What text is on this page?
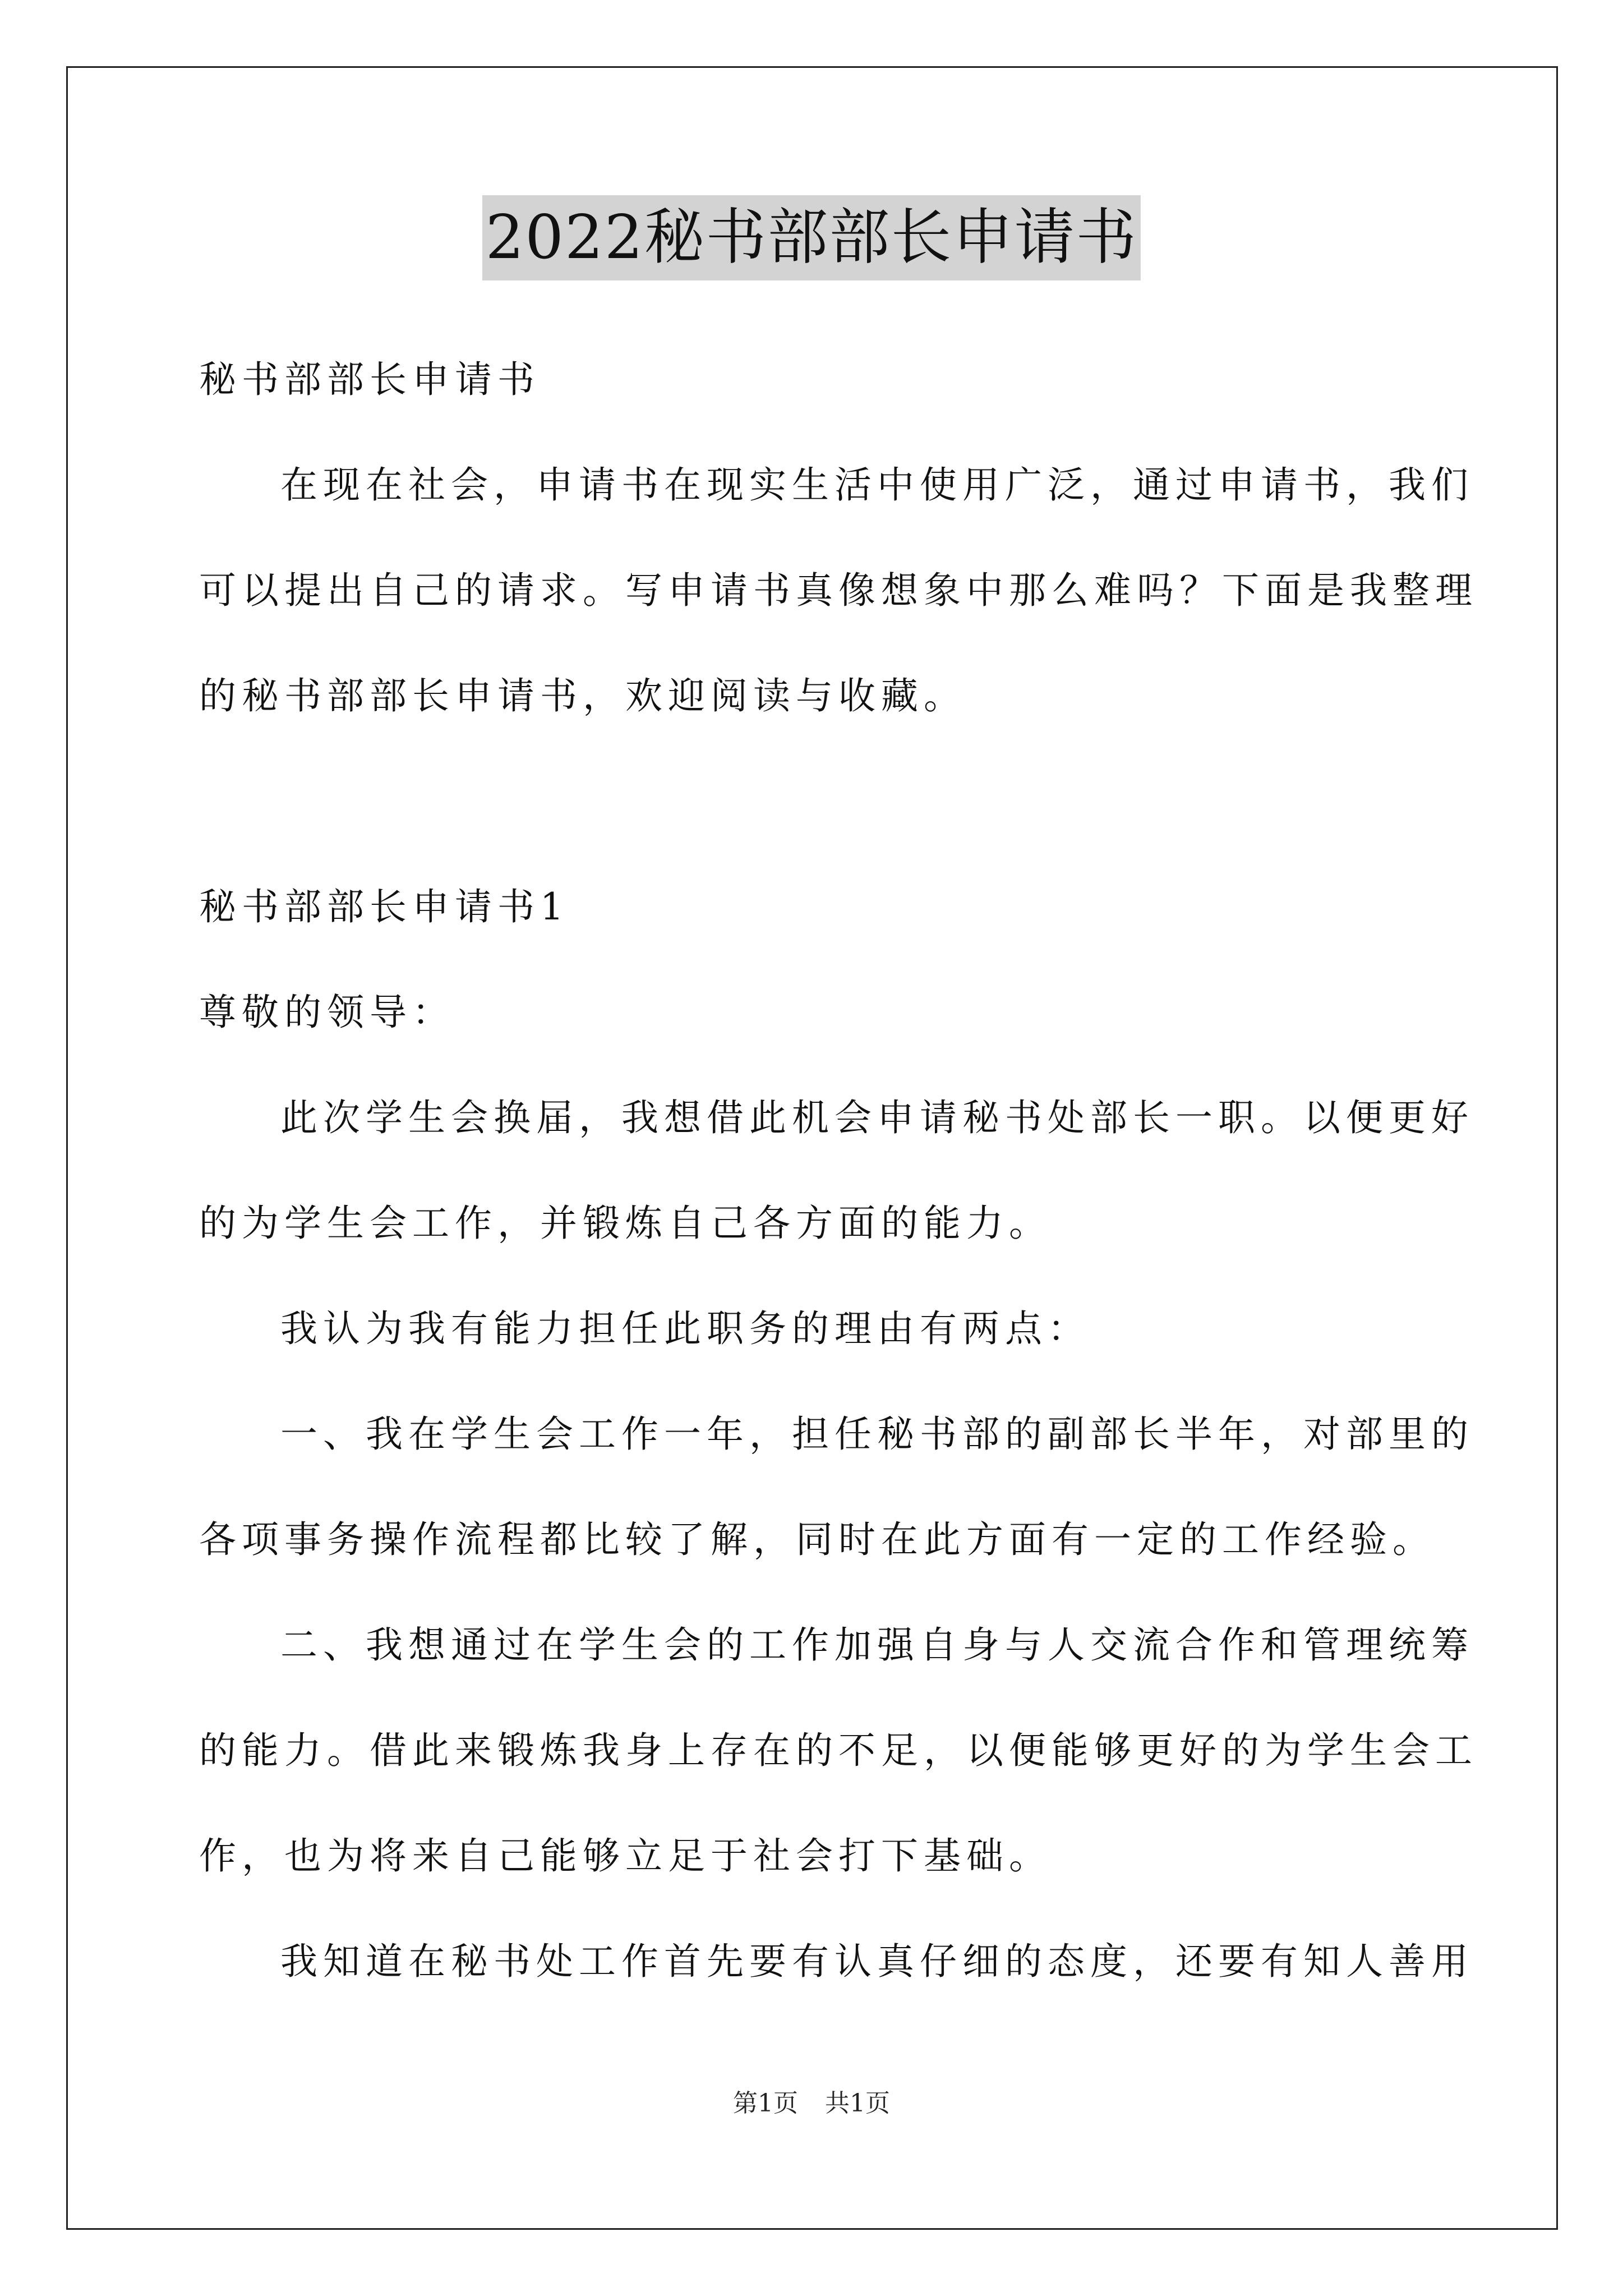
2022秘书部部长申请书
秘书部部长申请书
在现在社会，申请书在现实生活中使用广泛，通过申请书，我们
可以提出自己的请求。写申请书真像想象中那么难吗？下面是我整理
的秘书部部长申请书，欢迎阅读与收藏。
秘书部部长申请书1
尊敬的领导：
此次学生会换届，我想借此机会申请秘书处部长一职。以便更好
的为学生会工作，并锻炼自己各方面的能力。
我认为我有能力担任此职务的理由有两点：
一、我在学生会工作一年，担任秘书部的副部长半年，对部里的
各项事务操作流程都比较了解，同时在此方面有一定的工作经验。
二、我想通过在学生会的工作加强自身与人交流合作和管理统筹
的能力。借此来锻炼我身上存在的不足，以便能够更好的为学生会工
作，也为将来自己能够立足于社会打下基础。
我知道在秘书处工作首先要有认真仔细的态度，还要有知人善用
第1页 共1页
